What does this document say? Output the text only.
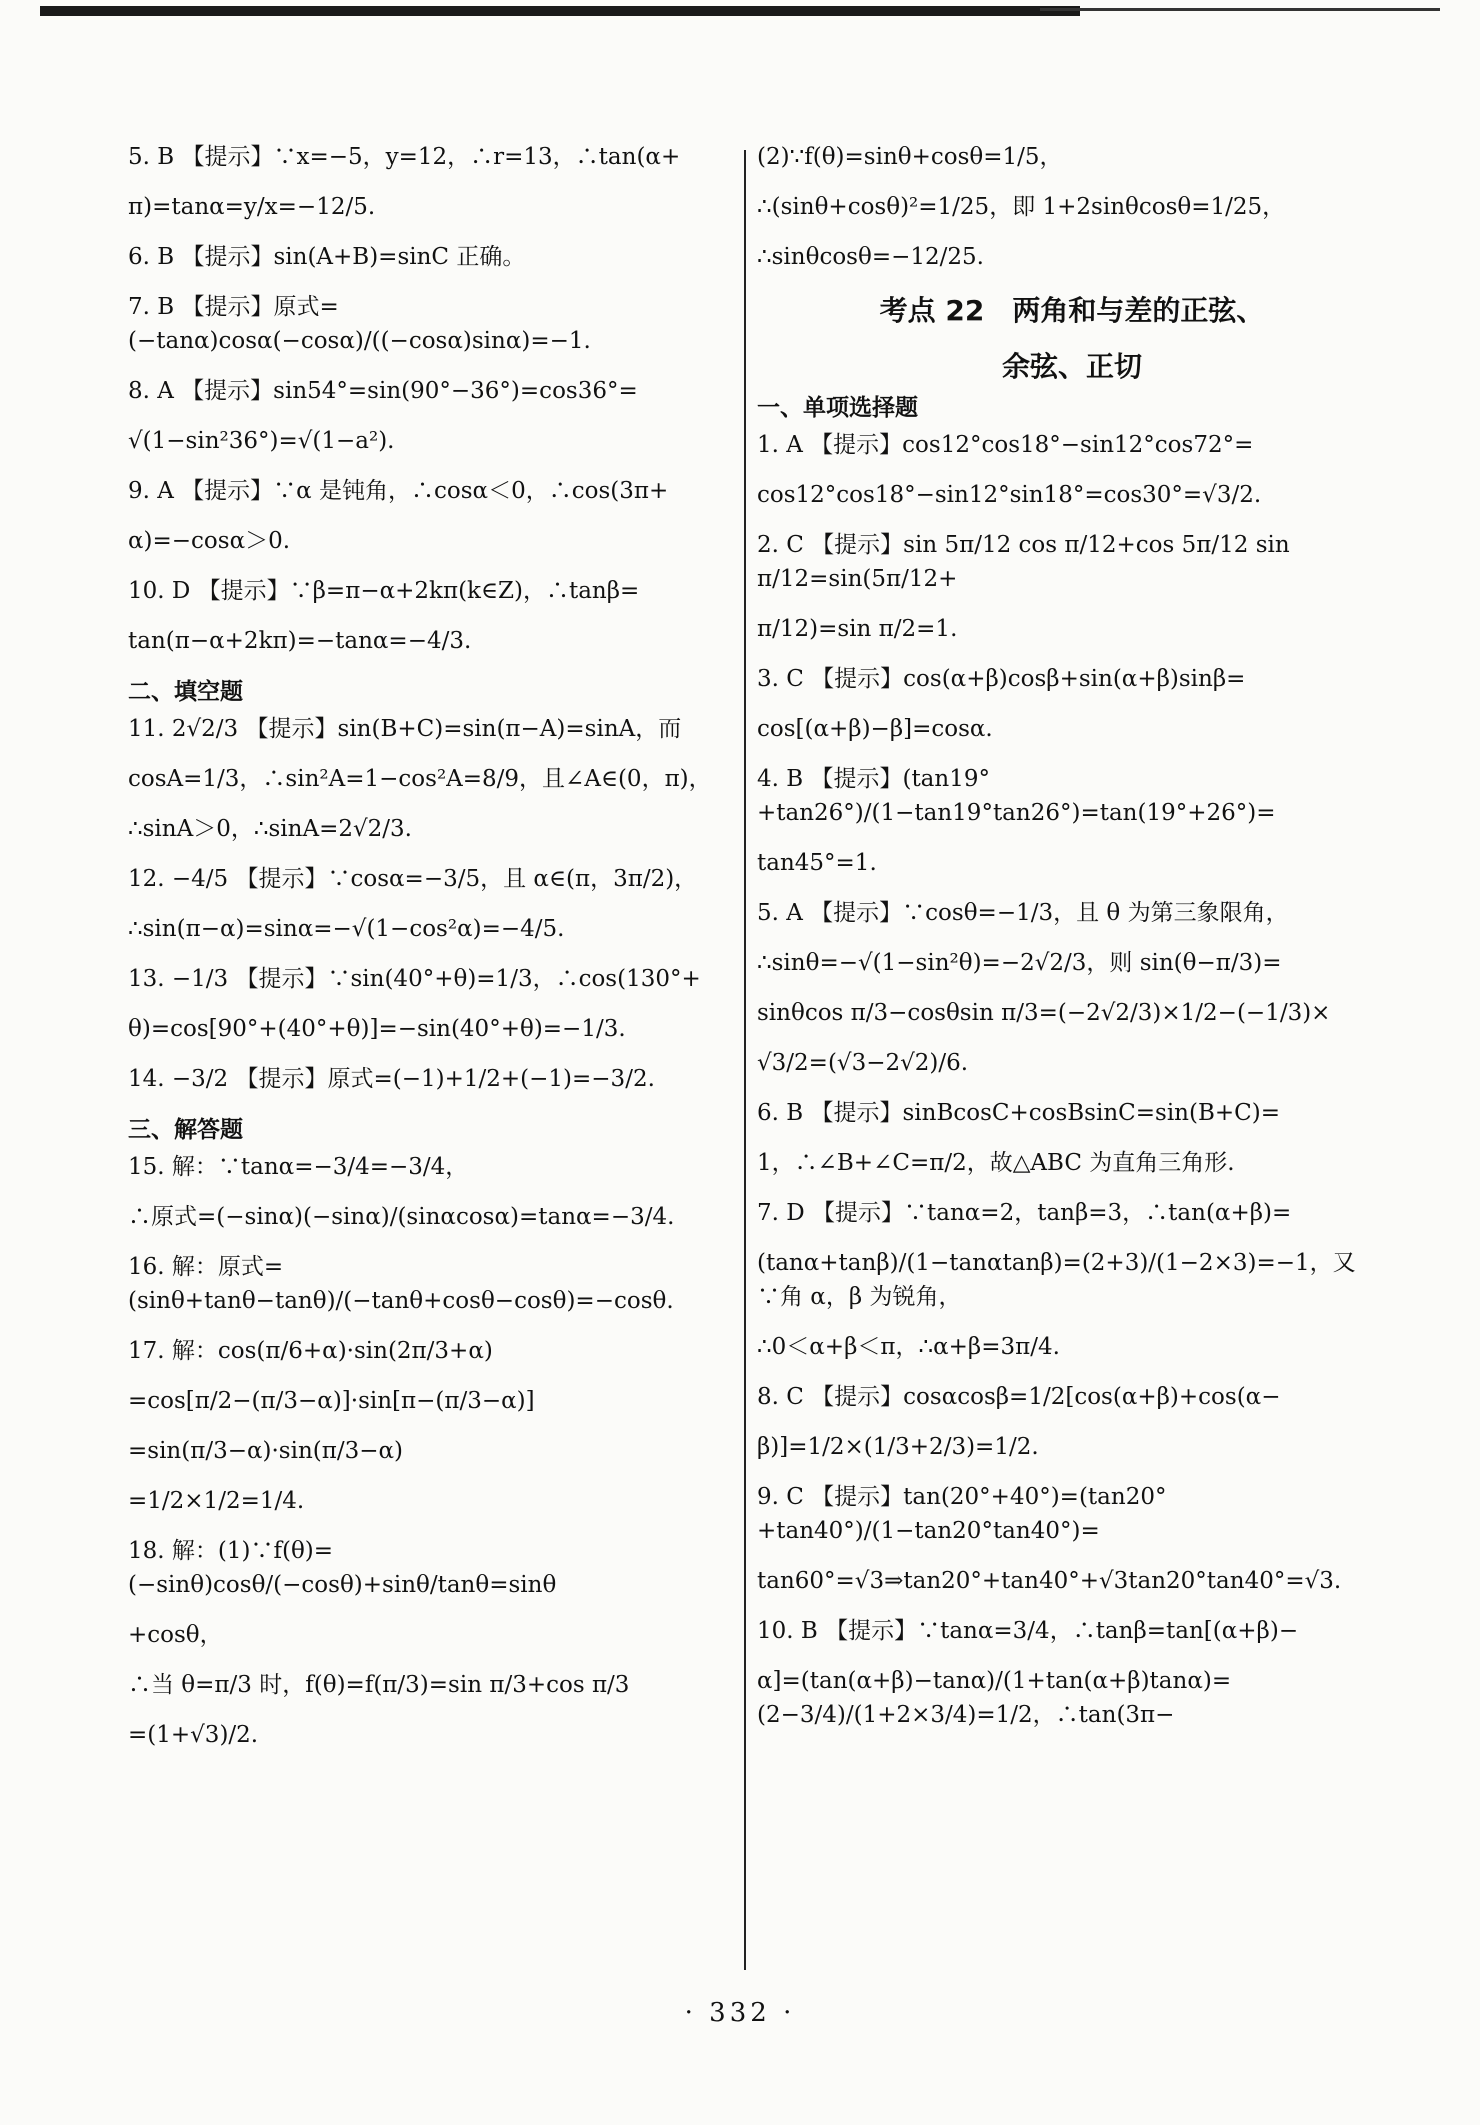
5. B 【提示】∵x=−5，y=12，∴r=13，∴tan(α+
π)=tanα=y/x=−12/5.
6. B 【提示】sin(A+B)=sinC 正确。
7. B 【提示】原式=(−tanα)cosα(−cosα)/((−cosα)sinα)=−1.
8. A 【提示】sin54°=sin(90°−36°)=cos36°=
√(1−sin²36°)=√(1−a²).
9. A 【提示】∵α 是钝角，∴cosα＜0，∴cos(3π+
α)=−cosα＞0.
10. D 【提示】∵β=π−α+2kπ(k∈Z)，∴tanβ=
tan(π−α+2kπ)=−tanα=−4/3.
二、填空题
11. 2√2/3 【提示】sin(B+C)=sin(π−A)=sinA，而
cosA=1/3，∴sin²A=1−cos²A=8/9，且∠A∈(0，π)，
∴sinA＞0，∴sinA=2√2/3.
12. −4/5 【提示】∵cosα=−3/5，且 α∈(π，3π/2)，
∴sin(π−α)=sinα=−√(1−cos²α)=−4/5.
13. −1/3 【提示】∵sin(40°+θ)=1/3，∴cos(130°+
θ)=cos[90°+(40°+θ)]=−sin(40°+θ)=−1/3.
14. −3/2 【提示】原式=(−1)+1/2+(−1)=−3/2.
三、解答题
15. 解：∵tanα=−3/4=−3/4，
∴原式=(−sinα)(−sinα)/(sinαcosα)=tanα=−3/4.
16. 解：原式=(sinθ+tanθ−tanθ)/(−tanθ+cosθ−cosθ)=−cosθ.
17. 解：cos(π/6+α)·sin(2π/3+α)
=cos[π/2−(π/3−α)]·sin[π−(π/3−α)]
=sin(π/3−α)·sin(π/3−α)
=1/2×1/2=1/4.
18. 解：(1)∵f(θ)=(−sinθ)cosθ/(−cosθ)+sinθ/tanθ=sinθ
+cosθ，
∴当 θ=π/3 时，f(θ)=f(π/3)=sin π/3+cos π/3
=(1+√3)/2.
(2)∵f(θ)=sinθ+cosθ=1/5，
∴(sinθ+cosθ)²=1/25，即 1+2sinθcosθ=1/25，
∴sinθcosθ=−12/25.
考点 22　两角和与差的正弦、
余弦、正切
一、单项选择题
1. A 【提示】cos12°cos18°−sin12°cos72°=
cos12°cos18°−sin12°sin18°=cos30°=√3/2.
2. C 【提示】sin 5π/12 cos π/12+cos 5π/12 sin π/12=sin(5π/12+
π/12)=sin π/2=1.
3. C 【提示】cos(α+β)cosβ+sin(α+β)sinβ=
cos[(α+β)−β]=cosα.
4. B 【提示】(tan19°+tan26°)/(1−tan19°tan26°)=tan(19°+26°)=
tan45°=1.
5. A 【提示】∵cosθ=−1/3，且 θ 为第三象限角，
∴sinθ=−√(1−sin²θ)=−2√2/3，则 sin(θ−π/3)=
sinθcos π/3−cosθsin π/3=(−2√2/3)×1/2−(−1/3)×
√3/2=(√3−2√2)/6.
6. B 【提示】sinBcosC+cosBsinC=sin(B+C)=
1，∴∠B+∠C=π/2，故△ABC 为直角三角形.
7. D 【提示】∵tanα=2，tanβ=3，∴tan(α+β)=
(tanα+tanβ)/(1−tanαtanβ)=(2+3)/(1−2×3)=−1，又∵角 α，β 为锐角，
∴0＜α+β＜π，∴α+β=3π/4.
8. C 【提示】cosαcosβ=1/2[cos(α+β)+cos(α−
β)]=1/2×(1/3+2/3)=1/2.
9. C 【提示】tan(20°+40°)=(tan20°+tan40°)/(1−tan20°tan40°)=
tan60°=√3⇒tan20°+tan40°+√3tan20°tan40°=√3.
10. B 【提示】∵tanα=3/4，∴tanβ=tan[(α+β)−
α]=(tan(α+β)−tanα)/(1+tan(α+β)tanα)=(2−3/4)/(1+2×3/4)=1/2，∴tan(3π−
· 332 ·
